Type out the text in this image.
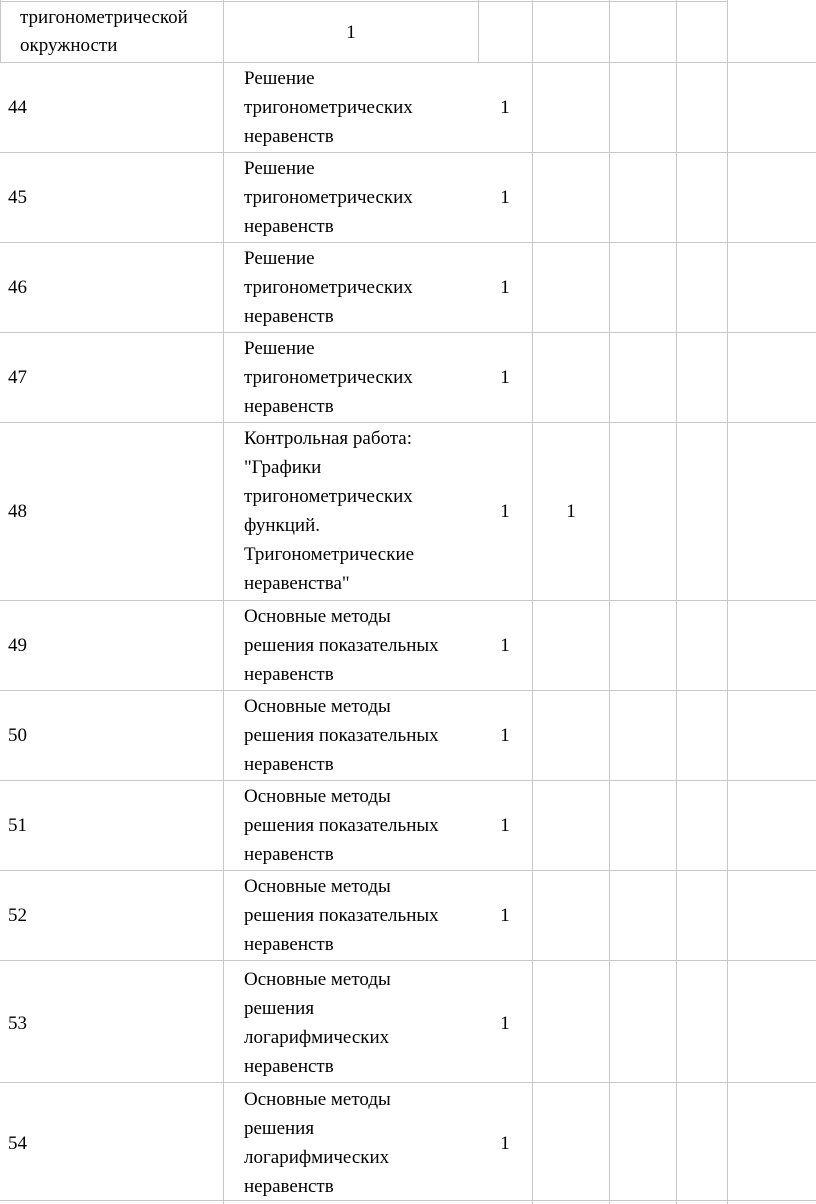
тригонометрической
окружности
1
44
Решение
тригонометрических
неравенств
1
45
Решение
тригонометрических
неравенств
1
46
Решение
тригонометрических
неравенств
1
47
Решение
тригонометрических
неравенств
1
48
Контрольная работа:
"Графики
тригонометрических
функций.
Тригонометрические
неравенства"
1	1
49
Основные методы
решения показательных
неравенств
1
50
Основные методы
решения показательных
неравенств
1
51
Основные методы
решения показательных
неравенств
1
52
Основные методы
решения показательных
неравенств
1
53
Основные методы
решения
логарифмических
неравенств
1
54
Основные методы
решения
логарифмических
неравенств
1
